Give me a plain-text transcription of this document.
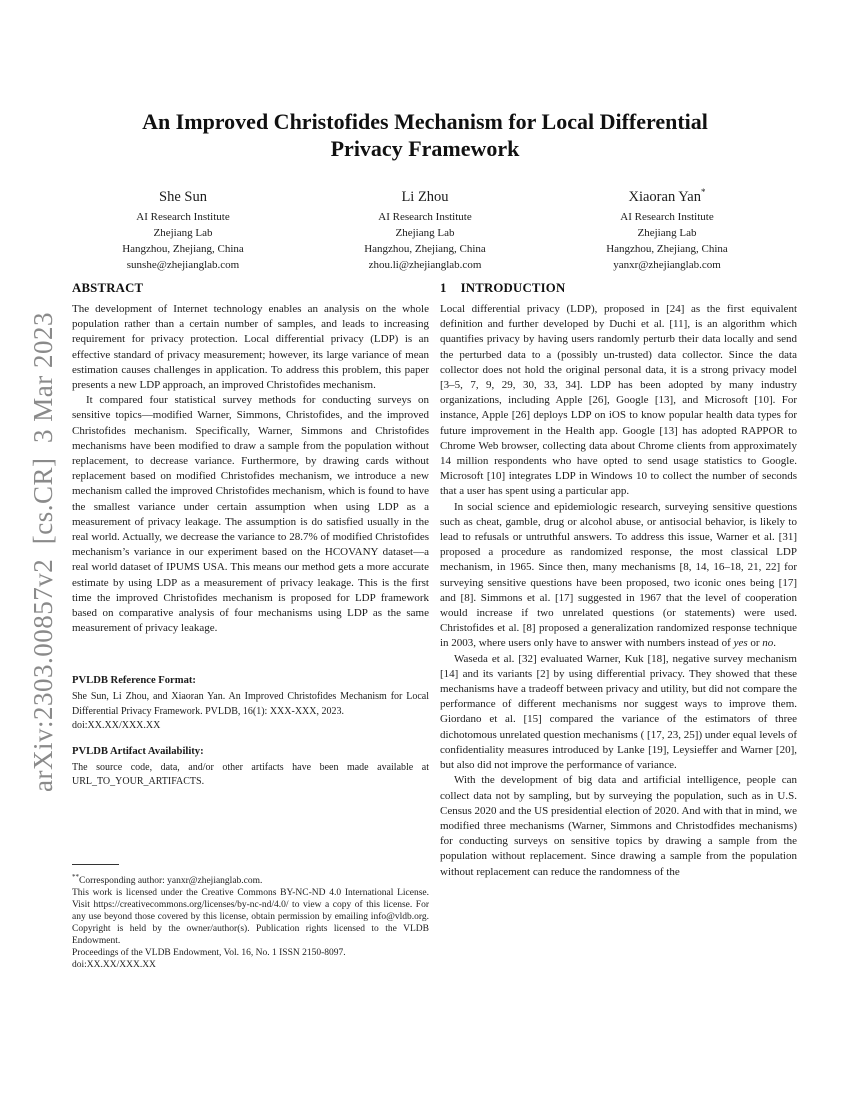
arXiv:2303.00857v2  [cs.CR]  3 Mar 2023
An Improved Christofides Mechanism for Local Differential
Privacy Framework
She Sun
AI Research Institute
Zhejiang Lab
Hangzhou, Zhejiang, China
sunshe@zhejianglab.com
Li Zhou
AI Research Institute
Zhejiang Lab
Hangzhou, Zhejiang, China
zhou.li@zhejianglab.com
Xiaoran Yan*
AI Research Institute
Zhejiang Lab
Hangzhou, Zhejiang, China
yanxr@zhejianglab.com
ABSTRACT

The development of Internet technology enables an analysis on the whole population rather than a certain number of samples, and leads to increasing requirement for privacy protection. Local differential privacy (LDP) is an effective standard of privacy measurement; however, its large variance of mean estimation causes challenges in application. To address this problem, this paper presents a new LDP approach, an improved Christofides mechanism.

It compared four statistical survey methods for conducting surveys on sensitive topics—modified Warner, Simmons, Christofides, and the improved Christofides mechanism. Specifically, Warner, Simmons and Christofides mechanisms have been modified to draw a sample from the population without replacement, to decrease variance. Furthermore, by drawing cards without replacement based on modified Christofides mechanism, we introduce a new mechanism called the improved Christofides mechanism, which is found to have the smallest variance under certain assumption when using LDP as a measurement of privacy leakage. The assumption is do satisfied usually in the real world. Actually, we decrease the variance to 28.7% of modified Christofides mechanism’s variance in our experiment based on the HCOVANY dataset—a real world dataset of IPUMS USA. This means our method gets a more accurate estimate by using LDP as a measurement of privacy leakage. This is the first time the improved Christofides mechanism is proposed for LDP framework based on comparative analysis of four mechanisms using LDP as the same measurement of privacy leakage.

PVLDB Reference Format:

She Sun, Li Zhou, and Xiaoran Yan. An Improved Christofides Mechanism for Local Differential Privacy Framework. PVLDB, 16(1): XXX-XXX, 2023.

doi:XX.XX/XXX.XX

PVLDB Artifact Availability:

The source code, data, and/or other artifacts have been made available at URL_TO_YOUR_ARTIFACTS.

**Corresponding author: yanxr@zhejianglab.com.

This work is licensed under the Creative Commons BY-NC-ND 4.0 International License. Visit https://creativecommons.org/licenses/by-nc-nd/4.0/ to view a copy of this license. For any use beyond those covered by this license, obtain permission by emailing info@vldb.org. Copyright is held by the owner/author(s). Publication rights licensed to the VLDB Endowment.

Proceedings of the VLDB Endowment, Vol. 16, No. 1 ISSN 2150-8097.

doi:XX.XX/XXX.XX

1 INTRODUCTION

Local differential privacy (LDP), proposed in [24] as the first equivalent definition and further developed by Duchi et al. [11], is an algorithm which quantifies privacy by having users randomly perturb their data locally and send the perturbed data to a (possibly un-trusted) data collector. Since the data collector does not hold the original personal data, it is a strong privacy model [3–5, 7, 9, 29, 30, 33, 34]. LDP has been adopted by many industry organizations, including Apple [26], Google [13], and Microsoft [10]. For instance, Apple [26] deploys LDP on iOS to know popular health data types for future improvement in the Health app. Google [13] has adopted RAPPOR to Chrome Web browser, collecting data about Chrome clients from approximately 14 million respondents who have opted to send usage statistics to Google. Microsoft [10] integrates LDP in Windows 10 to collect the number of seconds that a user has spent using a particular app.

In social science and epidemiologic research, surveying sensitive questions such as cheat, gamble, drug or alcohol abuse, or antisocial behavior, is likely to lead to refusals or untruthful answers. To address this issue, Warner et al. [31] proposed a procedure as randomized response, the most classical LDP mechanism, in 1965. Since then, many mechanisms [8, 14, 16–18, 21, 22] for surveying sensitive questions have been proposed, two iconic ones being [17] and [8]. Simmons et al. [17] suggested in 1967 that the level of cooperation would increase if two unrelated questions (or statements) were used. Christofides et al. [8] proposed a generalization randomized response technique in 2003, where users only have to answer with numbers instead of yes or no.

Waseda et al. [32] evaluated Warner, Kuk [18], negative survey mechanism [14] and its variants [2] by using differential privacy. They showed that these mechanisms have a tradeoff between privacy and utility, but did not compare the performance of different mechanisms nor suggest ways to improve them. Giordano et al. [15] compared the variance of the estimators of three dichotomous unrelated question mechanisms ( [17, 23, 25]) under equal levels of confidentiality measures introduced by Lanke [19], Leysieffer and Warner [20], but also did not improve the performance of variance.

With the development of big data and artificial intelligence, people can collect data not by sampling, but by surveying the population, such as in U.S. Census 2020 and the US presidential election of 2020. And with that in mind, we modified three mechanisms (Warner, Simmons and Christodfides mechanisms) for conducting surveys on sensitive topics by drawing a sample from the population without replacement. Since drawing a sample from the population without replacement can reduce the randomness of the
